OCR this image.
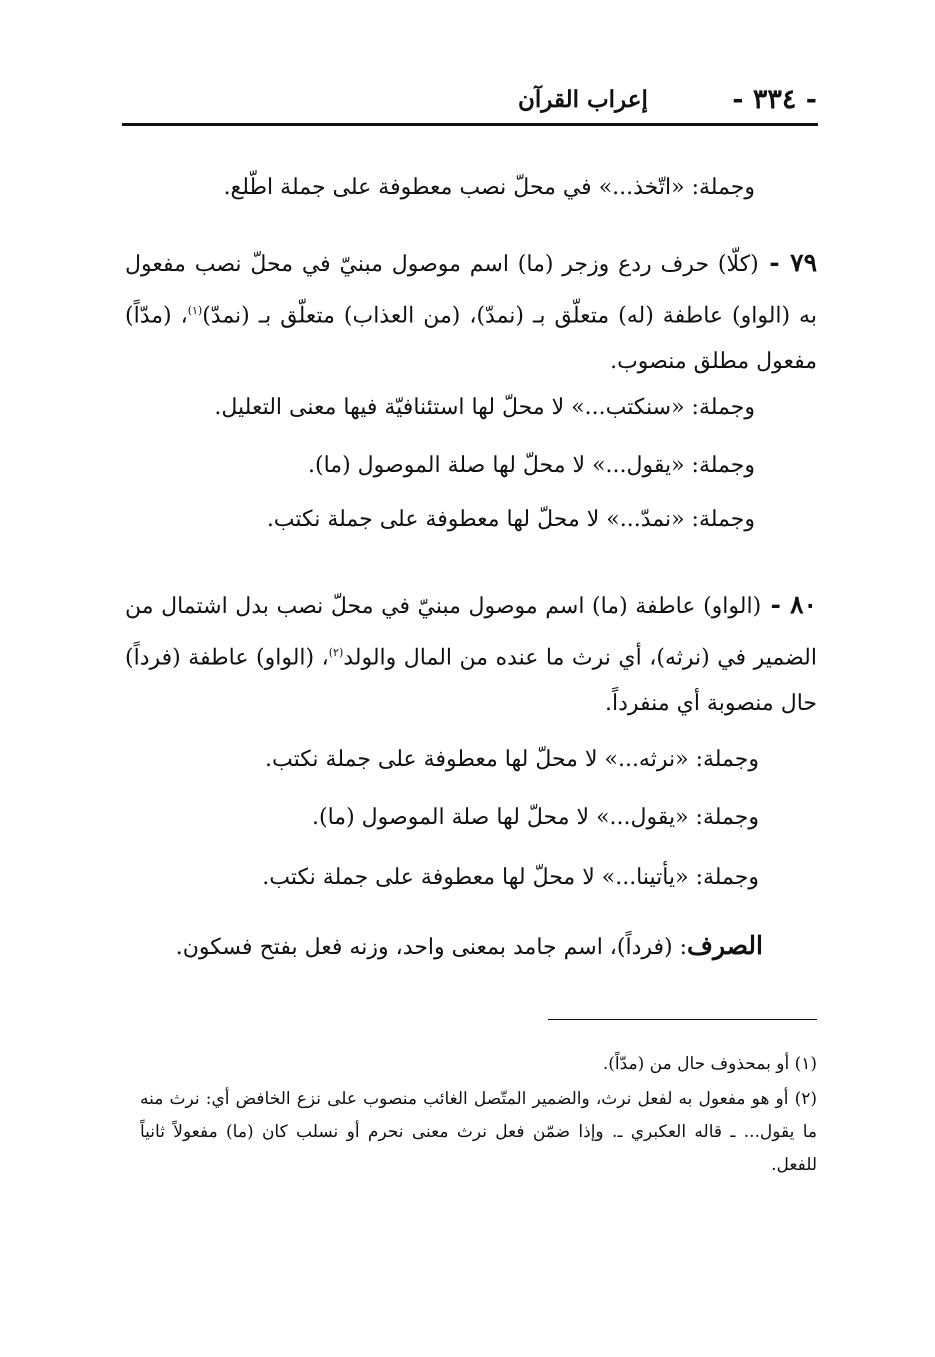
- ٣٣٤ -
إعراب القرآن
وجملة: «اتّخذ...» في محلّ نصب معطوفة على جملة اطّلع.
٧٩ - (كلّا) حرف ردع وزجر (ما) اسم موصول مبنيّ في محلّ نصب مفعول به (الواو) عاطفة (له) متعلّق بـ (نمدّ)، (من العذاب) متعلّق بـ (نمدّ)$^{(١)}$، (مدّاً) مفعول مطلق منصوب.
وجملة: «سنكتب...» لا محلّ لها استئنافيّة فيها معنى التعليل.
وجملة: «يقول...» لا محلّ لها صلة الموصول (ما).
وجملة: «نمدّ...» لا محلّ لها معطوفة على جملة نكتب.
٨٠ - (الواو) عاطفة (ما) اسم موصول مبنيّ في محلّ نصب بدل اشتمال من الضمير في (نرثه)، أي نرث ما عنده من المال والولد$^{(٢)}$، (الواو) عاطفة (فرداً) حال منصوبة أي منفرداً.
وجملة: «نرثه...» لا محلّ لها معطوفة على جملة نكتب.
وجملة: «يقول...» لا محلّ لها صلة الموصول (ما).
وجملة: «يأتينا...» لا محلّ لها معطوفة على جملة نكتب.
الصرف: (فرداً)، اسم جامد بمعنى واحد، وزنه فعل بفتح فسكون.
(١) أو بمحذوف حال من (مدّاً).
(٢) أو هو مفعول به لفعل نرث، والضمير المتّصل الغائب منصوب على نزع الخافض أي: نرث منه ما يقول... ـ قاله العكبري ـ. وإذا ضمّن فعل نرث معنى نحرم أو نسلب كان (ما) مفعولاً ثانياً للفعل.
